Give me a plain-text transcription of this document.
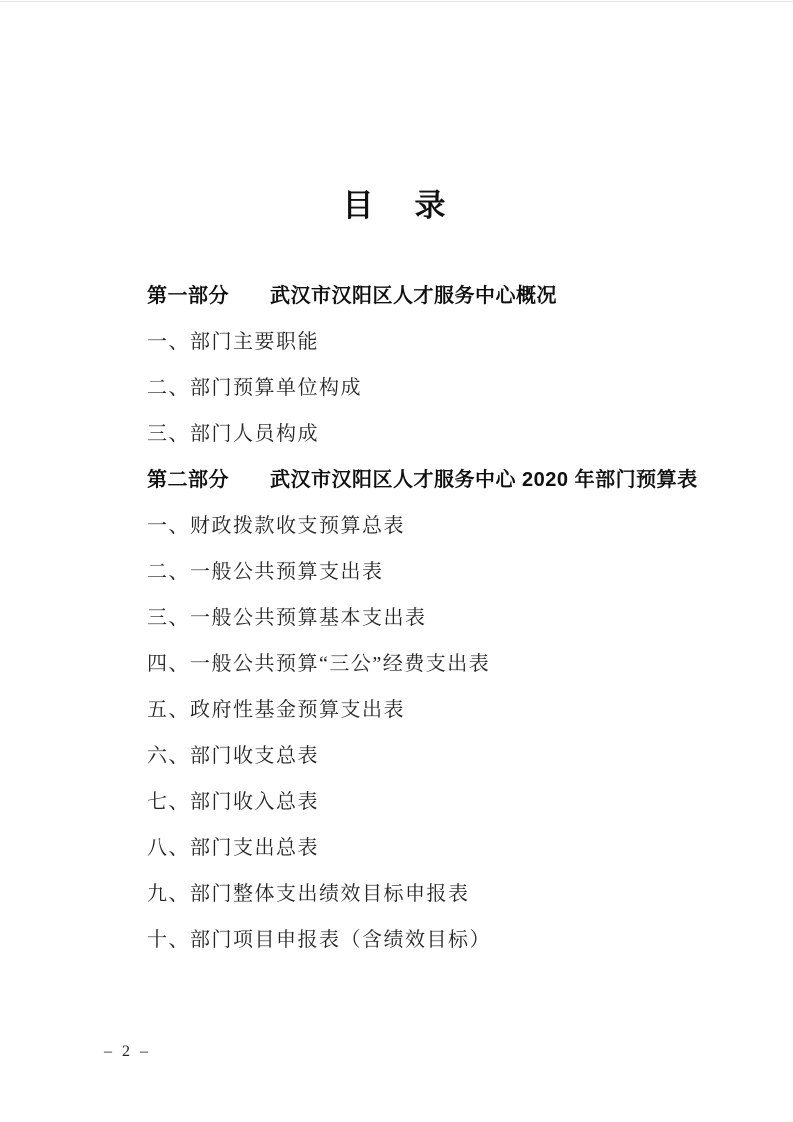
目　录
第一部分　　武汉市汉阳区人才服务中心概况
一、部门主要职能
二、部门预算单位构成
三、部门人员构成
第二部分　　武汉市汉阳区人才服务中心 2020 年部门预算表
一、财政拨款收支预算总表
二、一般公共预算支出表
三、一般公共预算基本支出表
四、一般公共预算“三公”经费支出表
五、政府性基金预算支出表
六、部门收支总表
七、部门收入总表
八、部门支出总表
九、部门整体支出绩效目标申报表
十、部门项目申报表（含绩效目标）
– 2 –
